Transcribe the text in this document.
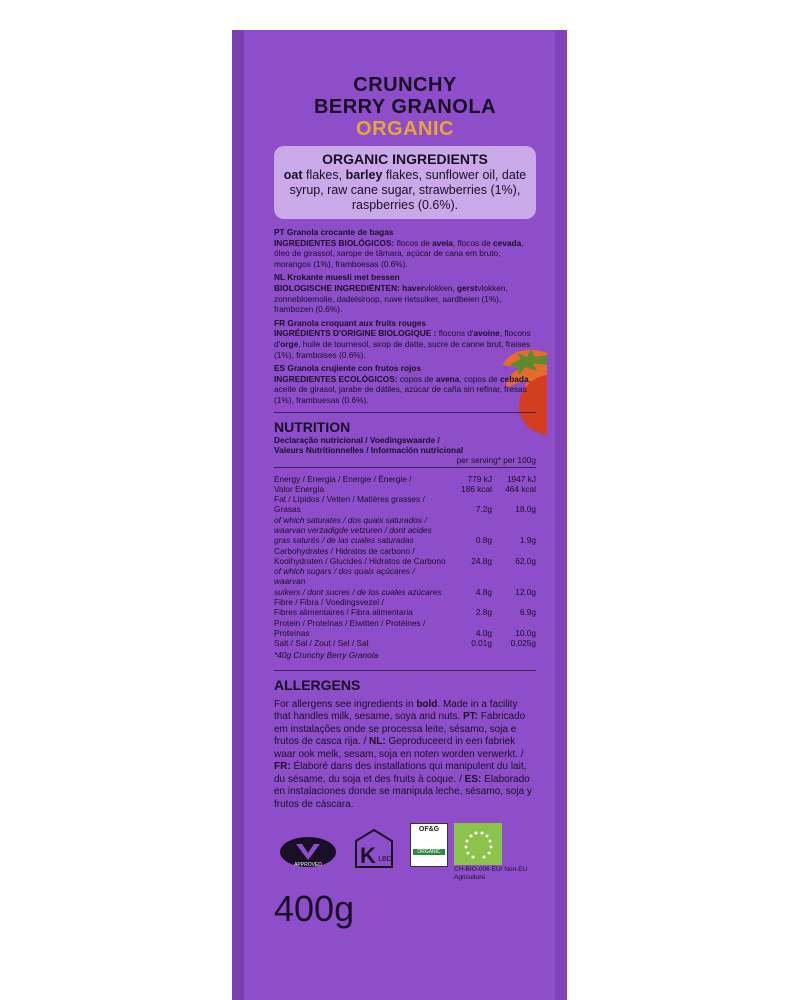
CRUNCHY
BERRY GRANOLA
ORGANIC
ORGANIC INGREDIENTS
oat flakes, barley flakes, sunflower oil, date syrup, raw cane sugar, strawberries (1%), raspberries (0.6%).

PT Granola crocante de bagas
INGREDIENTES BIOLÓGICOS: flocos de aveia, flocos de cevada, óleo de girassol, xarope de tâmara, açúcar de cana em bruto, morangos (1%), framboesas (0.6%).

NL Krokante muesli met bessen
BIOLOGISCHE INGREDIËNTEN: havervlokken, gerstvlokken, zonnebloemolie, dadelsiroop, ruwe rietsuiker, aardbeien (1%), frambozen (0.6%).

FR Granola croquant aux fruits rouges
INGRÉDIENTS D'ORIGINE BIOLOGIQUE : flocons d'avoine, flocons d'orge, huile de tournesol, sirop de datte, sucre de canne brut, fraises (1%), framboises (0.6%).

ES Granola crujiente con frutos rojos
INGREDIENTES ECOLÓGICOS: copos de avena, copos de cebada, aceite de girasol, jarabe de dátiles, azúcar de caña sin refinar, fresas (1%), frambuesas (0.6%).

NUTRITION
Declaração nutricional / Voedingswaarde /
Valeurs Nutritionnelles / Información nutricional
per serving* per 100g
Energy / Energia / Energie / Énergie /	779 kJ	1947 kJ
Valor Energía	186 kcal	464 kcal
Fat / Lípidos / Vetten / Matières grasses /		
Grasas	7.2g	18.0g
of which saturates / dos quais saturados /		
waarvan verzadigde vetzuren / dont acides		
gras saturés / de las cuales saturadas	0.8g	1.9g
Carbohydrates / Hidratos de carbono /		
Koolhydraten / Glucides / Hidratos de Carbono	24.8g	62.0g
of which sugars / dos quais açúcares / waarvan		
suikers / dont sucres / de los cuales azúcares	4.8g	12.0g
Fibre / Fibra / Voedingsvezel /		
Fibres alimentaires / Fibra alimentaria	2.8g	6.9g
Protein / Proteínas / Eiwitten / Protéines /		
Proteínas	4.0g	10.0g
Salt / Sal / Zout / Sel / Sal	0.01g	0.025g
*40g Crunchy Berry Granola
ALLERGENS
For allergens see ingredients in bold. Made in a facility that handles milk, sesame, soya and nuts. PT: Fabricado em instalações onde se processa leite, sésamo, soja e frutos de casca rija. / NL: Geproduceerd in een fabriek waar ook melk, sesam, soja en noten worden verwerkt. / FR: Élaboré dans des installations qui manipulent du lait, du sésame, du soja et des fruits à coque. / ES: Elaborado en instalaciones donde se manipula leche, sésamo, soja y frutos de cáscara.
APPROVED K LBD
OF&G
ORGANIC
CH-BIO-006 EU/ Non-EU Agriculture
400g
